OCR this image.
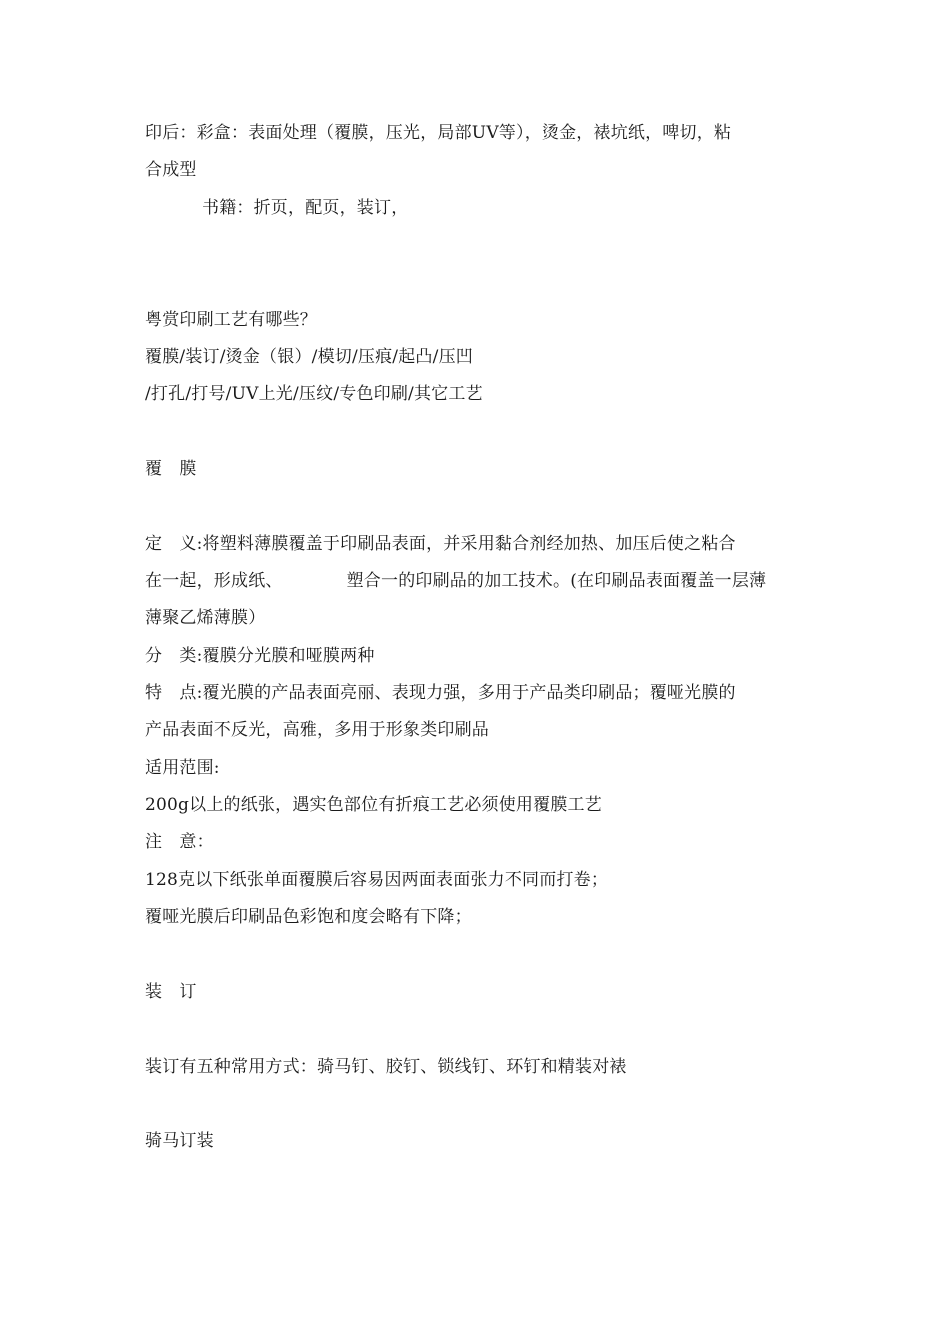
印后：彩盒：表面处理（覆膜，压光，局部UV等），烫金，裱坑纸，啤切，粘
合成型
书籍：折页，配页，装订，
粤赏印刷工艺有哪些？
覆膜/装订/烫金（银）/模切/压痕/起凸/压凹
/打孔/打号/UV上光/压纹/专色印刷/其它工艺
覆　膜
定　义:将塑料薄膜覆盖于印刷品表面，并采用黏合剂经加热、加压后使之粘合
在一起，形成纸、	塑合一的印刷品的加工技术。(在印刷品表面覆盖一层薄
薄聚乙烯薄膜）
分　类:覆膜分光膜和哑膜两种
特　点:覆光膜的产品表面亮丽、表现力强，多用于产品类印刷品；覆哑光膜的
产品表面不反光，高雅，多用于形象类印刷品
适用范围:
200g以上的纸张，遇实色部位有折痕工艺必须使用覆膜工艺
注　意：
128克以下纸张单面覆膜后容易因两面表面张力不同而打卷；
覆哑光膜后印刷品色彩饱和度会略有下降；
装　订
装订有五种常用方式：骑马钉、胶钉、锁线钉、环钉和精装对裱
骑马订装
